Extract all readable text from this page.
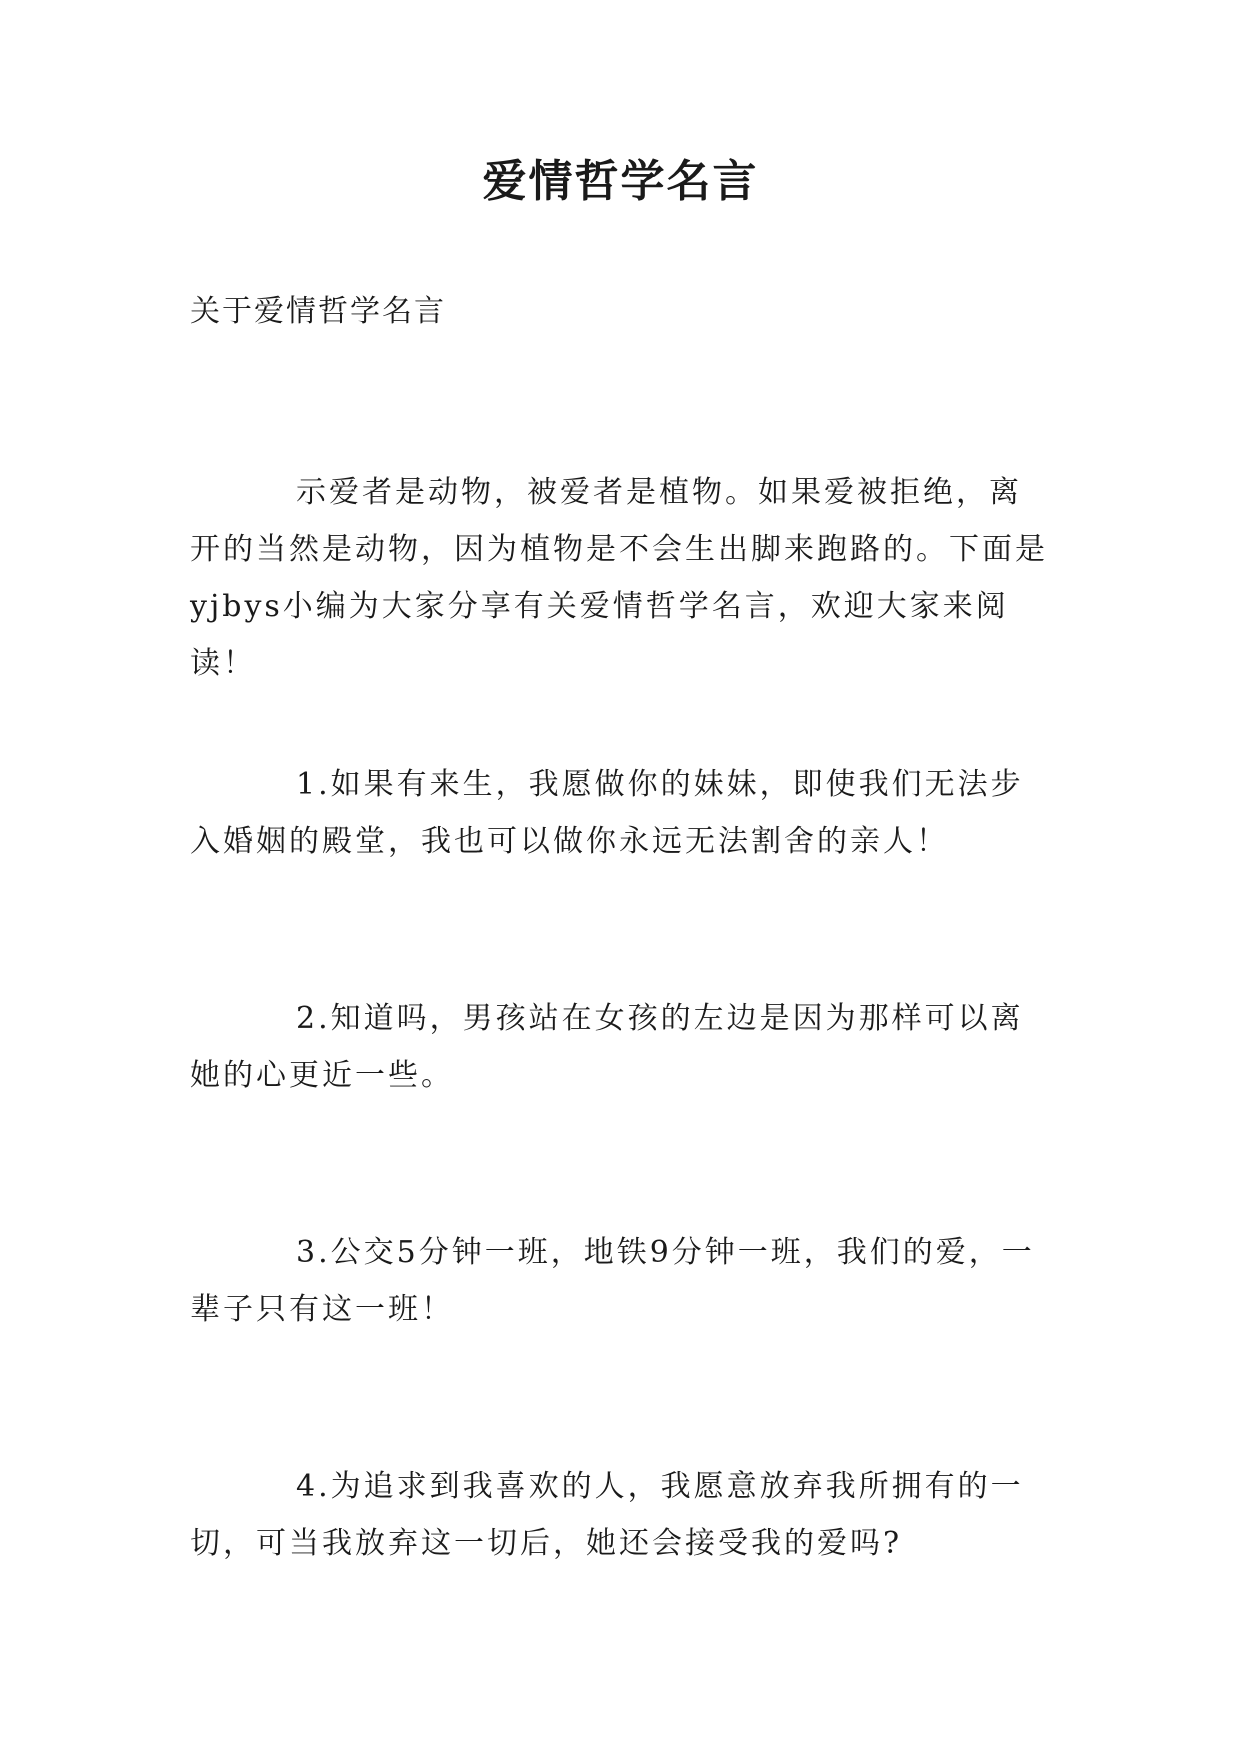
爱情哲学名言
关于爱情哲学名言

示爱者是动物，被爱者是植物。如果爱被拒绝，离开的当然是动物，因为植物是不会生出脚来跑路的。下面是yjbys小编为大家分享有关爱情哲学名言，欢迎大家来阅读！

1.如果有来生，我愿做你的妹妹，即使我们无法步入婚姻的殿堂，我也可以做你永远无法割舍的亲人！

2.知道吗，男孩站在女孩的左边是因为那样可以离她的心更近一些。

3.公交5分钟一班，地铁9分钟一班，我们的爱，一辈子只有这一班！

4.为追求到我喜欢的人，我愿意放弃我所拥有的一切，可当我放弃这一切后，她还会接受我的爱吗?
